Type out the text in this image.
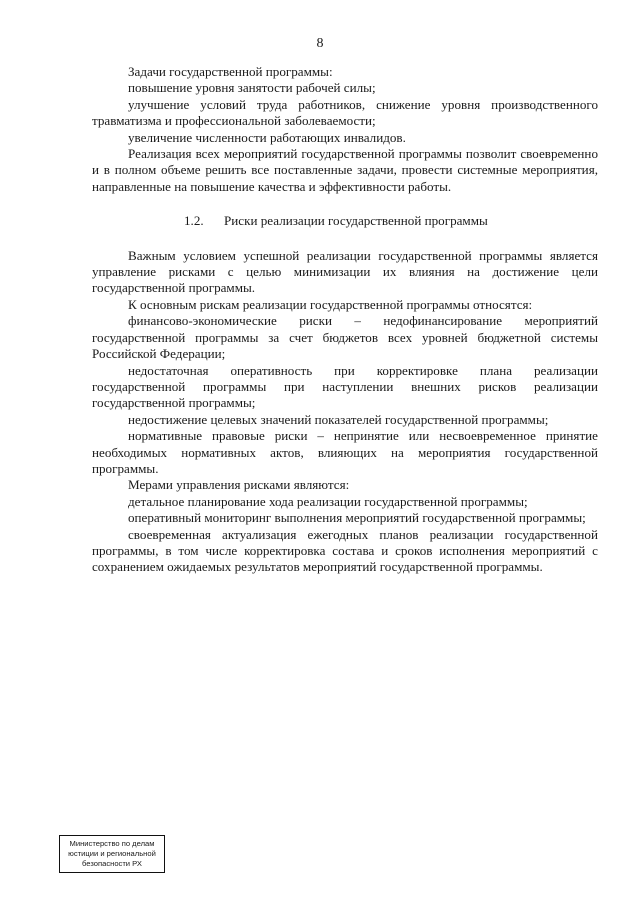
8

Задачи государственной программы:

повышение уровня занятости рабочей силы;

улучшение условий труда работников, снижение уровня производственного травматизма и профессиональной заболеваемости;

увеличение численности работающих инвалидов.

Реализация всех мероприятий государственной программы позволит своевременно и в полном объеме решить все поставленные задачи, провести системные мероприятия, направленные на повышение качества и эффективности работы.

1.2. Риски реализации государственной программы

Важным условием успешной реализации государственной программы является управление рисками с целью минимизации их влияния на достижение цели государственной программы.

К основным рискам реализации государственной программы относятся:

финансово-экономические риски – недофинансирование мероприятий государственной программы за счет бюджетов всех уровней бюджетной системы Российской Федерации;

недостаточная оперативность при корректировке плана реализации государственной программы при наступлении внешних рисков реализации государственной программы;

недостижение целевых значений показателей государственной программы;

нормативные правовые риски – непринятие или несвоевременное принятие необходимых нормативных актов, влияющих на мероприятия государственной программы.

Мерами управления рисками являются:

детальное планирование хода реализации государственной программы;

оперативный мониторинг выполнения мероприятий государственной программы;

своевременная актуализация ежегодных планов реализации государственной программы, в том числе корректировка состава и сроков исполнения мероприятий с сохранением ожидаемых результатов мероприятий государственной программы.

Министерство по делам
юстиции и региональной
безопасности РХ
